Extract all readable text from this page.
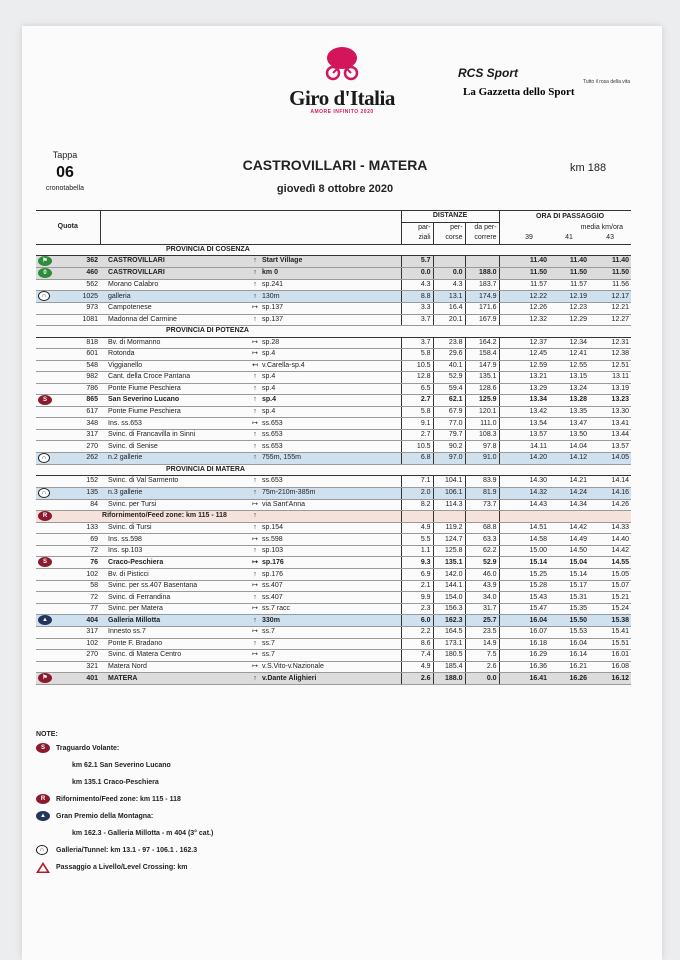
Giro d'Italia
AMORE INFINITO 2020
RCS Sport La Gazzetta dello Sport
Tutto il rosa della vita
Tappa
06
cronotabella
CASTROVILLARI - MATERA
giovedì 8 ottobre 2020
km 188
Quota					DISTANZE				ORA DI PASSAGGIO		
					par-	per-	da per-		media km/ora		
					ziali	corse	correre		39	41	43
PROVINCIA DI COSENZA											
⚑	362	CASTROVILLARI	↑	Start Village	5.7				11.40	11.40	11.40
0	460	CASTROVILLARI	↑	km 0	0.0	0.0	188.0		11.50	11.50	11.50
	562	Morano Calabro	↑	sp.241	4.3	4.3	183.7		11.57	11.57	11.56
∩	1025	galleria	↑	130m	8.8	13.1	174.9		12.22	12.19	12.17
	973	Campotenese	↦	sp.137	3.3	16.4	171.6		12.26	12.23	12.21
	1081	Madonna del Carmine	↑	sp.137	3.7	20.1	167.9		12.32	12.29	12.27
PROVINCIA DI POTENZA											
	818	Bv. di Mormanno	↦	sp.28	3.7	23.8	164.2		12.37	12.34	12.31
	601	Rotonda	↦	sp.4	5.8	29.6	158.4		12.45	12.41	12.38
	548	Viggianello	↤	v.Carella-sp.4	10.5	40.1	147.9		12.59	12.55	12.51
	982	Cant. della Croce Pantana	↑	sp.4	12.8	52.9	135.1		13.21	13.15	13.11
	786	Ponte Fiume Peschiera	↑	sp.4	6.5	59.4	128.6		13.29	13.24	13.19
S	865	San Severino Lucano	↑	sp.4	2.7	62.1	125.9		13.34	13.28	13.23
	617	Ponte Fiume Peschiera	↑	sp.4	5.8	67.9	120.1		13.42	13.35	13.30
	348	Ins. ss.653	↦	ss.653	9.1	77.0	111.0		13.54	13.47	13.41
	317	Svinc. di Francavilla in Sinni	↑	ss.653	2.7	79.7	108.3		13.57	13.50	13.44
	270	Svinc. di Senise	↑	ss.653	10.5	90.2	97.8		14.11	14.04	13.57
∩	262	n.2 gallerie	↑	755m, 155m	6.8	97.0	91.0		14.20	14.12	14.05
PROVINCIA DI MATERA											
	152	Svinc. di Val Sarmento	↑	ss.653	7.1	104.1	83.9		14.30	14.21	14.14
∩	135	n.3 gallerie	↑	75m-210m-385m	2.0	106.1	81.9		14.32	14.24	14.16
	84	Svinc. per Tursi	↦	via Sant'Anna	8.2	114.3	73.7		14.43	14.34	14.26
R		Rifornimento/Feed zone: km 115 - 118	↑								
	133	Svinc. di Tursi	↑	sp.154	4.9	119.2	68.8		14.51	14.42	14.33
	69	Ins. ss.598	↦	ss.598	5.5	124.7	63.3		14.58	14.49	14.40
	72	Ins. sp.103	↑	sp.103	1.1	125.8	62.2		15.00	14.50	14.42
S	76	Craco-Peschiera	↦	sp.176	9.3	135.1	52.9		15.14	15.04	14.55
	102	Bv. di Pisticci	↑	sp.176	6.9	142.0	46.0		15.25	15.14	15.05
	58	Svinc. per ss.407 Basentana	↦	ss.407	2.1	144.1	43.9		15.28	15.17	15.07
	72	Svinc. di Ferrandina	↑	ss.407	9.9	154.0	34.0		15.43	15.31	15.21
	77	Svinc. per Matera	↦	ss.7 racc	2.3	156.3	31.7		15.47	15.35	15.24
▲	404	Galleria Millotta	↑	330m	6.0	162.3	25.7		16.04	15.50	15.38
	317	Innesto ss.7	↦	ss.7	2.2	164.5	23.5		16.07	15.53	15.41
	102	Ponte F. Bradano	↑	ss.7	8.6	173.1	14.9		16.18	16.04	15.51
	270	Svinc. di Matera Centro	↦	ss.7	7.4	180.5	7.5		16.29	16.14	16.01
	321	Matera Nord	↦	v.S.Vito-v.Nazionale	4.9	185.4	2.6		16.36	16.21	16.08
⚑	401	MATERA	↑	v.Dante Alighieri	2.6	188.0	0.0		16.41	16.26	16.12
NOTE:
S	Traguardo Volante:
km 62.1 San Severino Lucano
km 135.1 Craco-Peschiera
R	Rifornimento/Feed zone: km 115 - 118
▲	Gran Premio della Montagna:
km 162.3 - Galleria Millotta - m 404 (3° cat.)
∩	Galleria/Tunnel: km 13.1 - 97 - 106.1 . 162.3
Passaggio a Livello/Level Crossing: km
